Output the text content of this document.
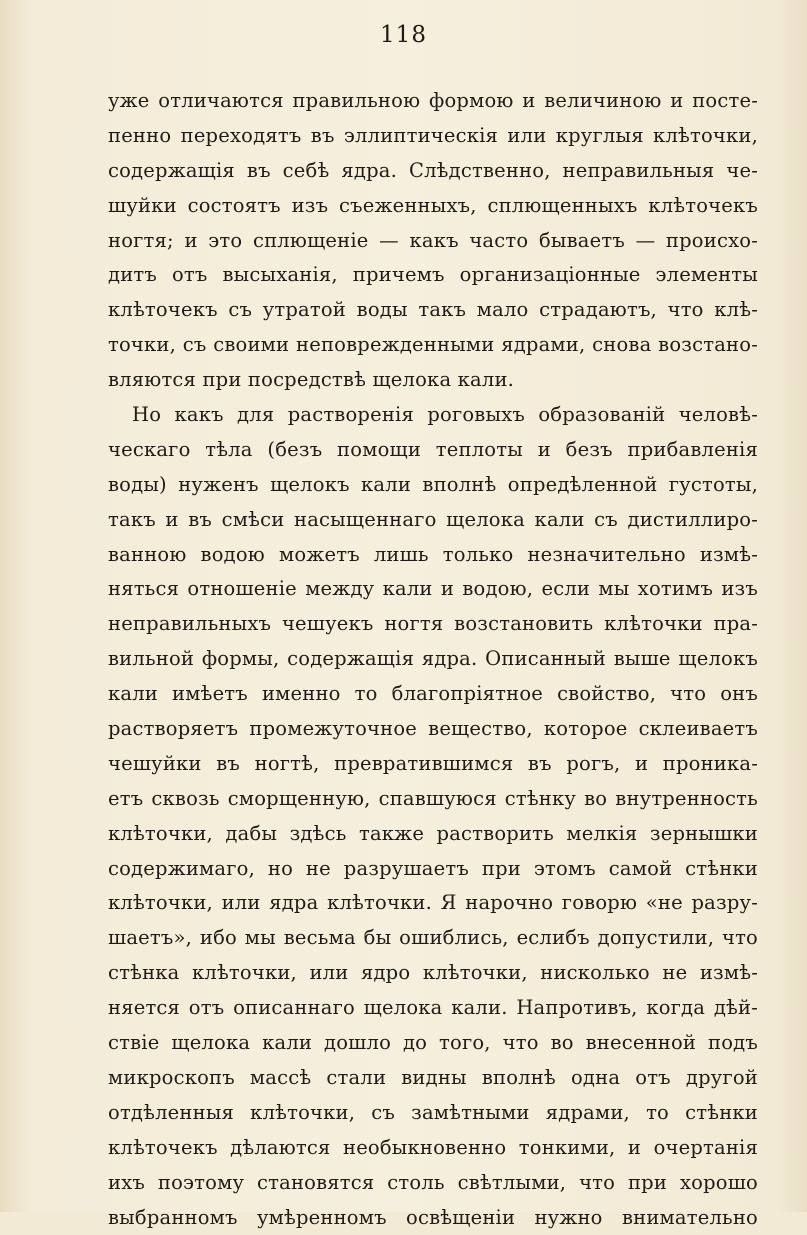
118
уже отличаются правильною формою и величиною и посте-
пенно переходятъ въ эллиптическія или круглыя клѣточки,
содержащія въ себѣ ядра. Слѣдственно, неправильныя че-
шуйки состоятъ изъ съеженныхъ, сплющенныхъ клѣточекъ
ногтя; и это сплющеніе — какъ часто бываетъ — происхо-
дитъ отъ высыханія, причемъ организаціонные элементы
клѣточекъ съ утратой воды такъ мало страдаютъ, что клѣ-
точки, съ своими неповрежденными ядрами, снова возстано-
вляются при посредствѣ щелока кали.
Но какъ для растворенія роговыхъ образованій человѣ-
ческаго тѣла (безъ помощи теплоты и безъ прибавленія
воды) нуженъ щелокъ кали вполнѣ опредѣленной густоты,
такъ и въ смѣси насыщеннаго щелока кали съ дистиллиро-
ванною водою можетъ лишь только незначительно измѣ-
няться отношеніе между кали и водою, если мы хотимъ изъ
неправильныхъ чешуекъ ногтя возстановить клѣточки пра-
вильной формы, содержащія ядра. Описанный выше щелокъ
кали имѣетъ именно то благопріятное свойство, что онъ
растворяетъ промежуточное вещество, которое склеиваетъ
чешуйки въ ногтѣ, превратившимся въ рогъ, и проника-
етъ сквозь сморщенную, спавшуюся стѣнку во внутренность
клѣточки, дабы здѣсь также растворить мелкія зернышки
содержимаго, но не разрушаетъ при этомъ самой стѣнки
клѣточки, или ядра клѣточки. Я нарочно говорю «не разру-
шаетъ», ибо мы весьма бы ошиблись, еслибъ допустили, что
стѣнка клѣточки, или ядро клѣточки, нисколько не измѣ-
няется отъ описаннаго щелока кали. Напротивъ, когда дѣй-
ствіе щелока кали дошло до того, что во внесенной подъ
микроскопъ массѣ стали видны вполнѣ одна отъ другой
отдѣленныя клѣточки, съ замѣтными ядрами, то стѣнки
клѣточекъ дѣлаются необыкновенно тонкими, и очертанія
ихъ поэтому становятся столь свѣтлыми, что при хорошо
выбранномъ умѣренномъ освѣщеніи нужно внимательно
